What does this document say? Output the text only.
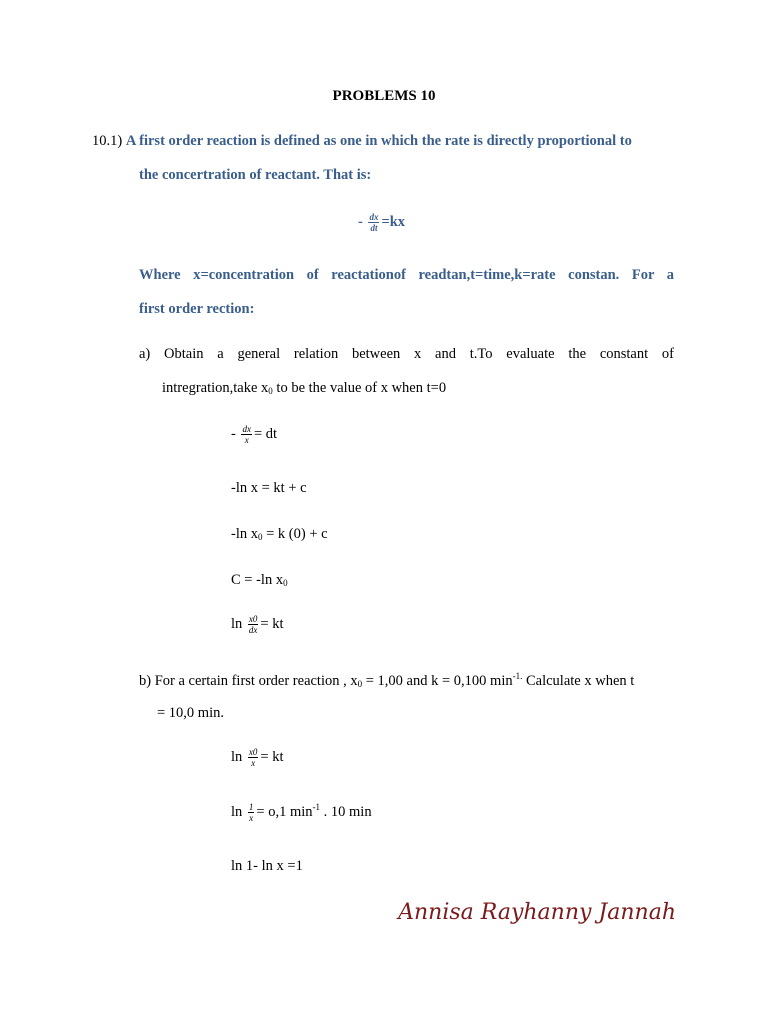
PROBLEMS 10
10.1) A first order reaction is defined as one in which the rate is directly proportional to
the concertration of reactant. That is:
- $\frac{dx}{dt} =kx$
Where x=concentration of reactationof readtan,t=time,k=rate constan. For a
first order rection:
a) Obtain a general relation between x and t.To evaluate the constant of
intregration,take $x_0$ to be the value of x when t=0
- $\frac{dx}{x}$ = dt
-ln x = kt + c
-ln $x_0 = k$ (0) + c
C = -ln $x_0$
$\ln \frac{x0}{dx}$ = kt
b) For a certain first order reaction , $x_0 = 1,00$ and k = 0,100 $\min^{-1.}$ Calculate x when t
= 10,0 min.
$\ln \frac{x0}{x}$ = kt
$\ln \frac{1}{x} = o,1$ $\min^{-1}$ . 10 min
ln 1- ln x =1
Annisa Rayhanny Jannah
